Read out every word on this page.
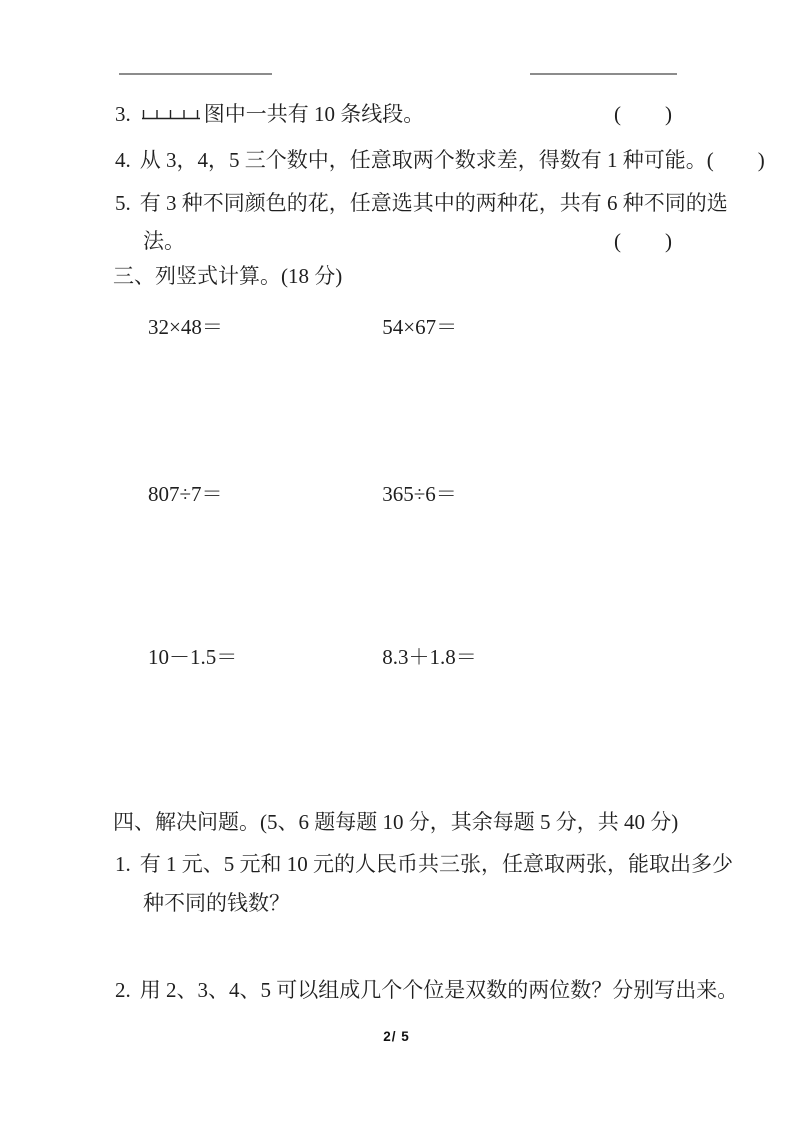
3.	图中一共有 10 条线段。	( )
4. 从 3，4，5 三个数中，任意取两个数求差，得数有 1 种可能。 ( )
5. 有 3 种不同颜色的花，任意选其中的两种花，共有 6 种不同的选
法。	( )
三、列竖式计算。(18 分)
32×48＝	54×67＝
807÷7＝	365÷6＝
10－1.5＝	8.3＋1.8＝
四、解决问题。(5、6 题每题 10 分，其余每题 5 分，共 40 分)
1. 有 1 元、5 元和 10 元的人民币共三张，任意取两张，能取出多少
种不同的钱数？
2. 用 2、3、4、5 可以组成几个个位是双数的两位数？分别写出来。
2/ 5
